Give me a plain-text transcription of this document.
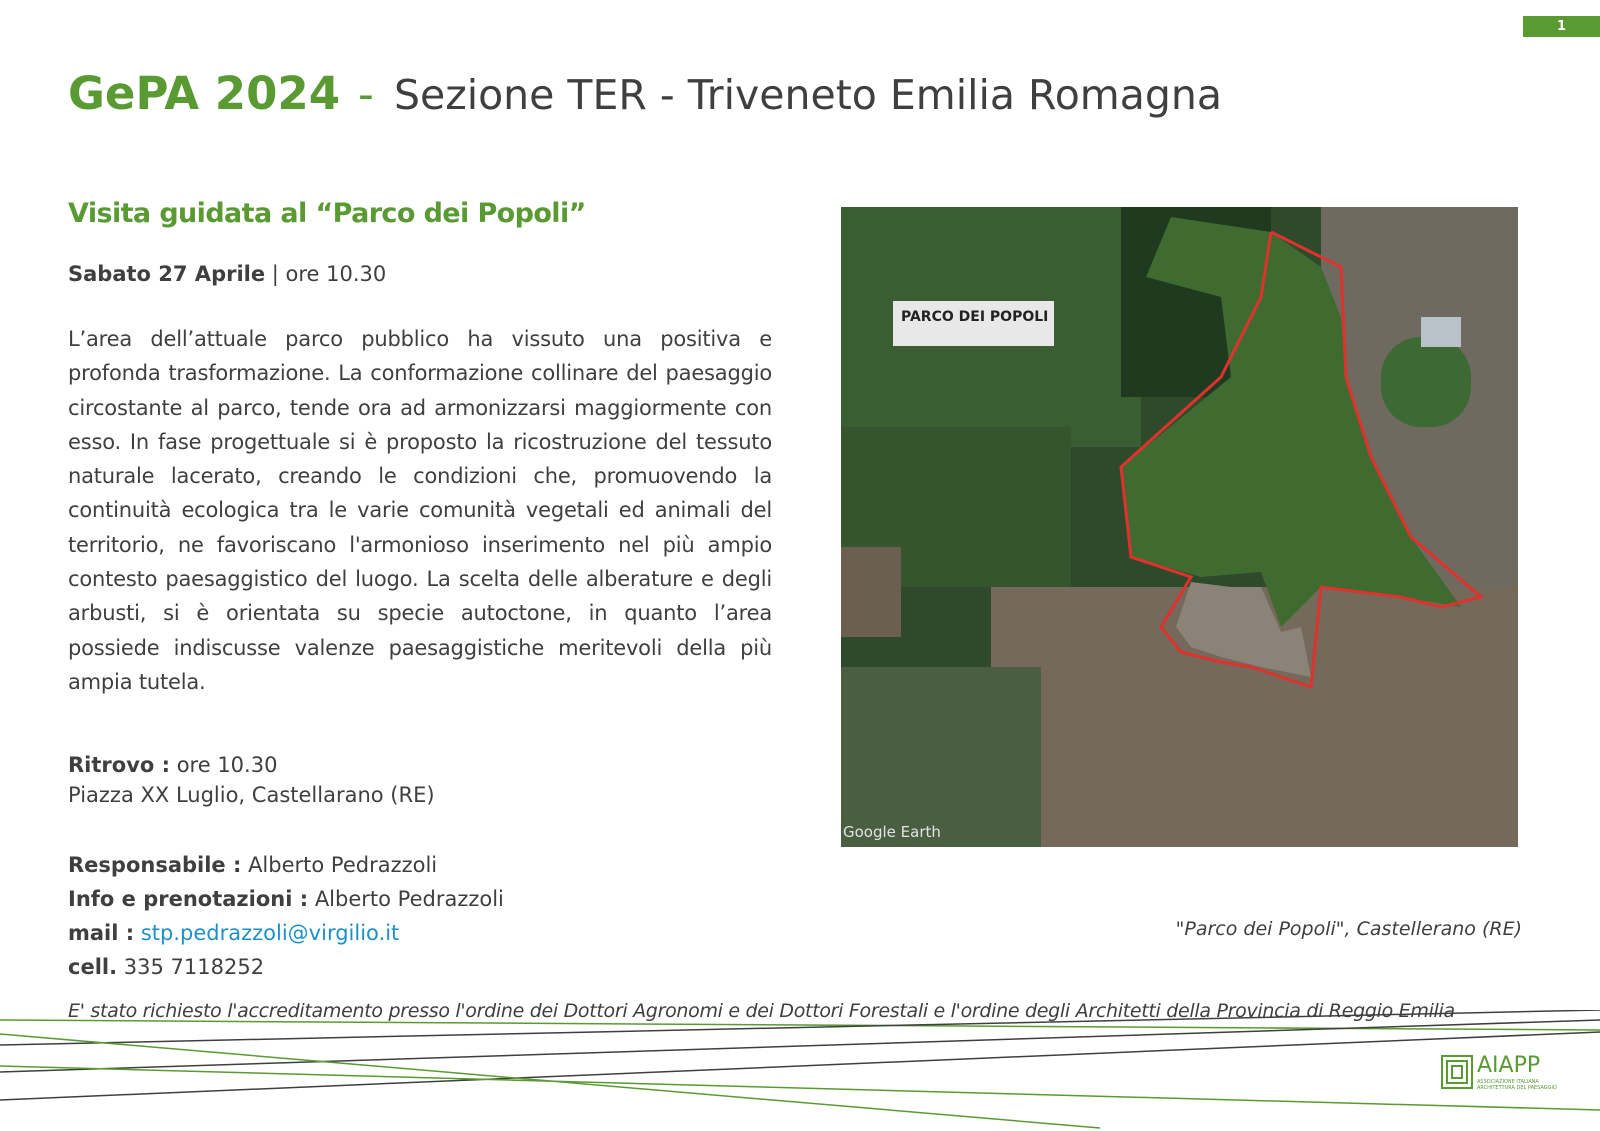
1
GePA 2024 - Sezione TER - Triveneto Emilia Romagna
Visita guidata al “Parco dei Popoli”
Sabato 27 Aprile | ore 10.30
L’area dell’attuale parco pubblico ha vissuto una positiva e profonda trasformazione. La conformazione collinare del paesaggio circostante al parco, tende ora ad armonizzarsi maggiormente con esso. In fase progettuale si è proposto la ricostruzione del tessuto naturale lacerato, creando le condizioni che, promuovendo la continuità ecologica tra le varie comunità vegetali ed animali del territorio, ne favoriscano l'armonioso inserimento nel più ampio contesto paesaggistico del luogo. La scelta delle alberature e degli arbusti, si è orientata su specie autoctone, in quanto l’area possiede indiscusse valenze paesaggistiche meritevoli della più ampia tutela.
Ritrovo : ore 10.30
Piazza XX Luglio, Castellarano (RE)
Responsabile : Alberto Pedrazzoli
Info e prenotazioni : Alberto Pedrazzoli
mail : stp.pedrazzoli@virgilio.it
cell. 335 7118252
PARCO DEI POPOLI
Google Earth
"Parco dei Popoli", Castellerano (RE)
E' stato richiesto l'accreditamento presso l'ordine dei Dottori Agronomi e dei Dottori Forestali e l'ordine degli Architetti della Provincia di Reggio Emilia
AIAPP
ASSOCIAZIONE ITALIANA ARCHITETTURA DEL PAESAGGIO
